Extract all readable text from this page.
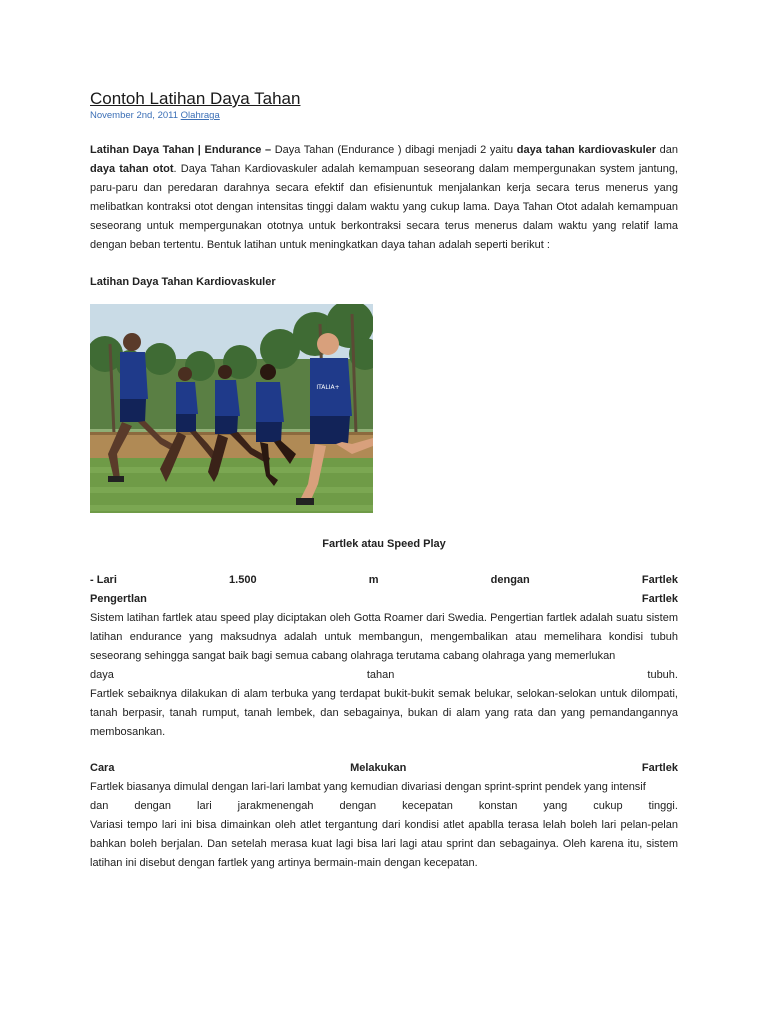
Contoh Latihan Daya Tahan
November 2nd, 2011 Olahraga

Latihan Daya Tahan | Endurance – Daya Tahan (Endurance ) dibagi menjadi 2 yaitu daya tahan kardiovaskuler dan daya tahan otot. Daya Tahan Kardiovaskuler adalah kemampuan seseorang dalam mempergunakan system jantung, paru-paru dan peredaran darahnya secara efektif dan efisienuntuk menjalankan kerja secara terus menerus yang melibatkan kontraksi otot dengan intensitas tinggi dalam waktu yang cukup lama. Daya Tahan Otot adalah kemampuan seseorang untuk mempergunakan ototnya untuk berkontraksi secara terus menerus dalam waktu yang relatif lama dengan beban tertentu. Bentuk latihan untuk meningkatkan daya tahan adalah seperti berikut :

Latihan Daya Tahan Kardiovaskuler
ITALIA+
Fartlek atau Speed Play
- Lari	1.500	m	dengan	Fartlek
Pengertlan	Fartlek

Sistem latihan fartlek atau speed play diciptakan oleh Gotta Roamer dari Swedia. Pengertian fartlek adalah suatu sistem latihan endurance yang maksudnya adalah untuk membangun, mengembalikan atau memelihara kondisi tubuh seseorang sehingga sangat baik bagi semua cabang olahraga terutama cabang olahraga yang memerlukan

daya	tahan	tubuh.

Fartlek sebaiknya dilakukan di alam terbuka yang terdapat bukit-bukit semak belukar, selokan-selokan untuk dilompati, tanah berpasir, tanah rumput, tanah lembek, dan sebagainya, bukan di alam yang rata dan yang pemandangannya membosankan.

Cara	Melakukan	Fartlek

Fartlek biasanya dimulal dengan lari-lari lambat yang kemudian divariasi dengan sprint-sprint pendek yang intensif

dan dengan lari jarakmenengah dengan kecepatan konstan yang cukup tinggi.

Variasi tempo lari ini bisa dimainkan oleh atlet tergantung dari kondisi atlet apablla terasa lelah boleh lari pelan-pelan bahkan boleh berjalan. Dan setelah merasa kuat lagi bisa lari lagi atau sprint dan sebagainya. Oleh karena itu, sistem latihan ini disebut dengan fartlek yang artinya bermain-main dengan kecepatan.
